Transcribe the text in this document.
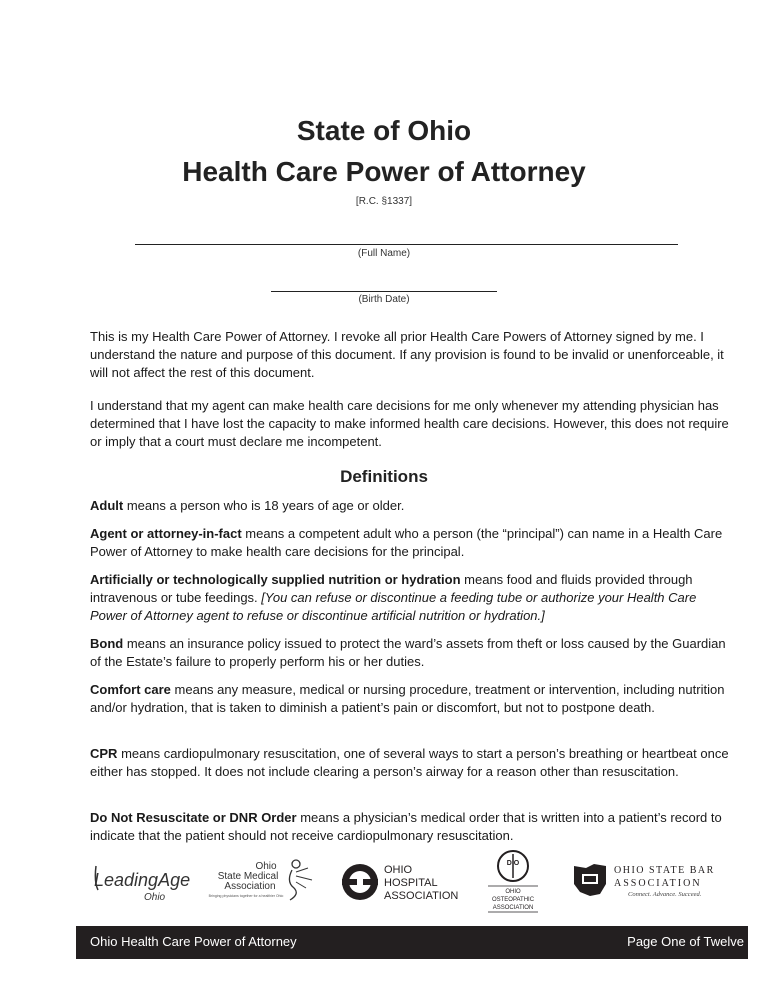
State of Ohio
Health Care Power of Attorney
[R.C. §1337]
(Full Name)
(Birth Date)

This is my Health Care Power of Attorney. I revoke all prior Health Care Powers of Attorney signed by me. I understand the nature and purpose of this document. If any provision is found to be invalid or unenforceable, it will not affect the rest of this document.

I understand that my agent can make health care decisions for me only whenever my attending physician has determined that I have lost the capacity to make informed health care decisions. However, this does not require or imply that a court must declare me incompetent.

Definitions

Adult means a person who is 18 years of age or older.

Agent or attorney-in-fact means a competent adult who a person (the “principal”) can name in a Health Care Power of Attorney to make health care decisions for the principal.

Artificially or technologically supplied nutrition or hydration means food and fluids provided through intravenous or tube feedings. [You can refuse or discontinue a feeding tube or authorize your Health Care Power of Attorney agent to refuse or discontinue artificial nutrition or hydration.]

Bond means an insurance policy issued to protect the ward’s assets from theft or loss caused by the Guardian of the Estate’s failure to properly perform his or her duties.

Comfort care means any measure, medical or nursing procedure, treatment or intervention, including nutrition and/or hydration, that is taken to diminish a patient’s pain or discomfort, but not to postpone death.

CPR means cardiopulmonary resuscitation, one of several ways to start a person’s breathing or heartbeat once either has stopped. It does not include clearing a person’s airway for a reason other than resuscitation.

Do Not Resuscitate or DNR Order means a physician’s medical order that is written into a patient’s record to indicate that the patient should not receive cardiopulmonary resuscitation.

LeadingAge
Ohio
Ohio
State Medical
Association
Bringing physicians together for a healthier Ohio
OHIO
HOSPITAL
ASSOCIATION
D O
OHIO
OSTEOPATHIC
ASSOCIATION
OHIO STATE BAR
ASSOCIATION
Connect. Advance. Succeed.
Ohio Health Care Power of Attorney	Page One of Twelve
